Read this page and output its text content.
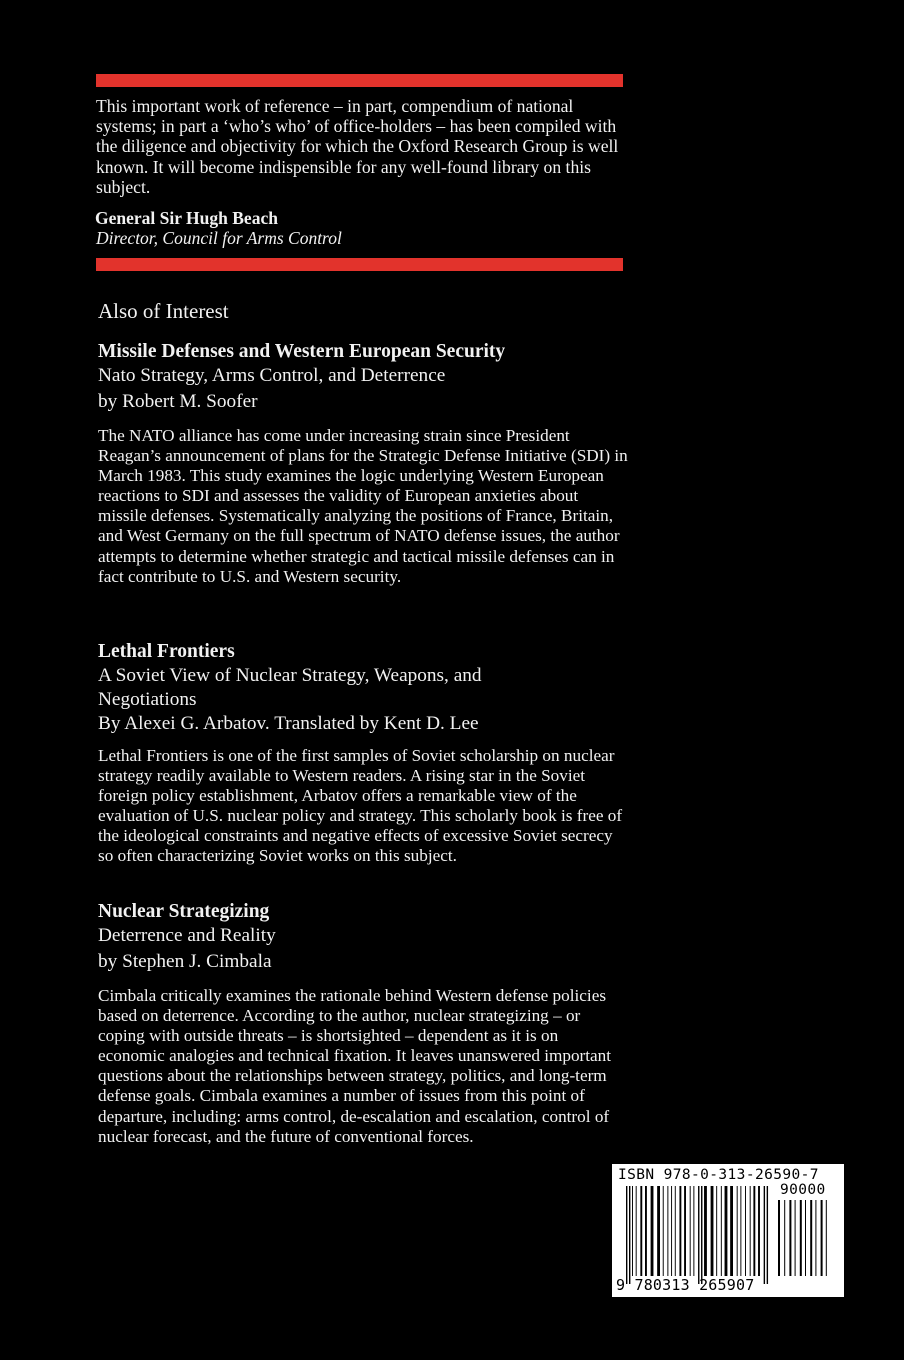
This important work of reference – in part, compendium of national systems; in part a ‘who’s who’ of office-holders – has been compiled with the diligence and objectivity for which the Oxford Research Group is well known. It will become indispensible for any well-found library on this subject.
General Sir Hugh Beach
Director, Council for Arms Control
Also of Interest
Missile Defenses and Western European Security
Nato Strategy, Arms Control, and Deterrence
by Robert M. Soofer
The NATO alliance has come under increasing strain since President Reagan’s announcement of plans for the Strategic Defense Initiative (SDI) in March 1983. This study examines the logic underlying Western European reactions to SDI and assesses the validity of European anxieties about missile defenses. Systematically analyzing the positions of France, Britain, and West Germany on the full spectrum of NATO defense issues, the author attempts to determine whether strategic and tactical missile defenses can in fact contribute to U.S. and Western security.
Lethal Frontiers
A Soviet View of Nuclear Strategy, Weapons, and Negotiations
By Alexei G. Arbatov. Translated by Kent D. Lee
Lethal Frontiers is one of the first samples of Soviet scholarship on nuclear strategy readily available to Western readers. A rising star in the Soviet foreign policy establishment, Arbatov offers a remarkable view of the evaluation of U.S. nuclear policy and strategy. This scholarly book is free of the ideological constraints and negative effects of excessive Soviet secrecy so often characterizing Soviet works on this subject.
Nuclear Strategizing
Deterrence and Reality
by Stephen J. Cimbala
Cimbala critically examines the rationale behind Western defense policies based on deterrence. According to the author, nuclear strategizing – or coping with outside threats – is shortsighted – dependent as it is on economic analogies and technical fixation. It leaves unanswered important questions about the relationships between strategy, politics, and long-term defense goals. Cimbala examines a number of issues from this point of departure, including: arms control, de-escalation and escalation, control of nuclear forecast, and the future of conventional forces.
ISBN 978-0-313-26590-7
90000
9 780313 265907
